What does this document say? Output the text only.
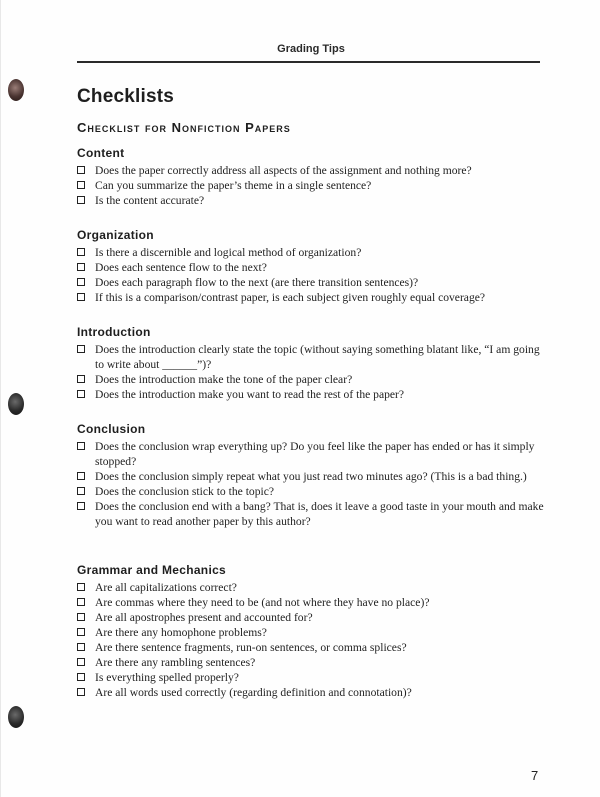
Grading Tips
Checklists
Checklist for Nonfiction Papers
Content
Does the paper correctly address all aspects of the assignment and nothing more?
Can you summarize the paper’s theme in a single sentence?
Is the content accurate?
Organization
Is there a discernible and logical method of organization?
Does each sentence flow to the next?
Does each paragraph flow to the next (are there transition sentences)?
If this is a comparison/contrast paper, is each subject given roughly equal coverage?
Introduction
Does the introduction clearly state the topic (without saying something blatant like, “I am going to write about ______”)?
Does the introduction make the tone of the paper clear?
Does the introduction make you want to read the rest of the paper?
Conclusion
Does the conclusion wrap everything up? Do you feel like the paper has ended or has it simply stopped?
Does the conclusion simply repeat what you just read two minutes ago? (This is a bad thing.)
Does the conclusion stick to the topic?
Does the conclusion end with a bang? That is, does it leave a good taste in your mouth and make you want to read another paper by this author?
Grammar and Mechanics
Are all capitalizations correct?
Are commas where they need to be (and not where they have no place)?
Are all apostrophes present and accounted for?
Are there any homophone problems?
Are there sentence fragments, run-on sentences, or comma splices?
Are there any rambling sentences?
Is everything spelled properly?
Are all words used correctly (regarding definition and connotation)?
7
